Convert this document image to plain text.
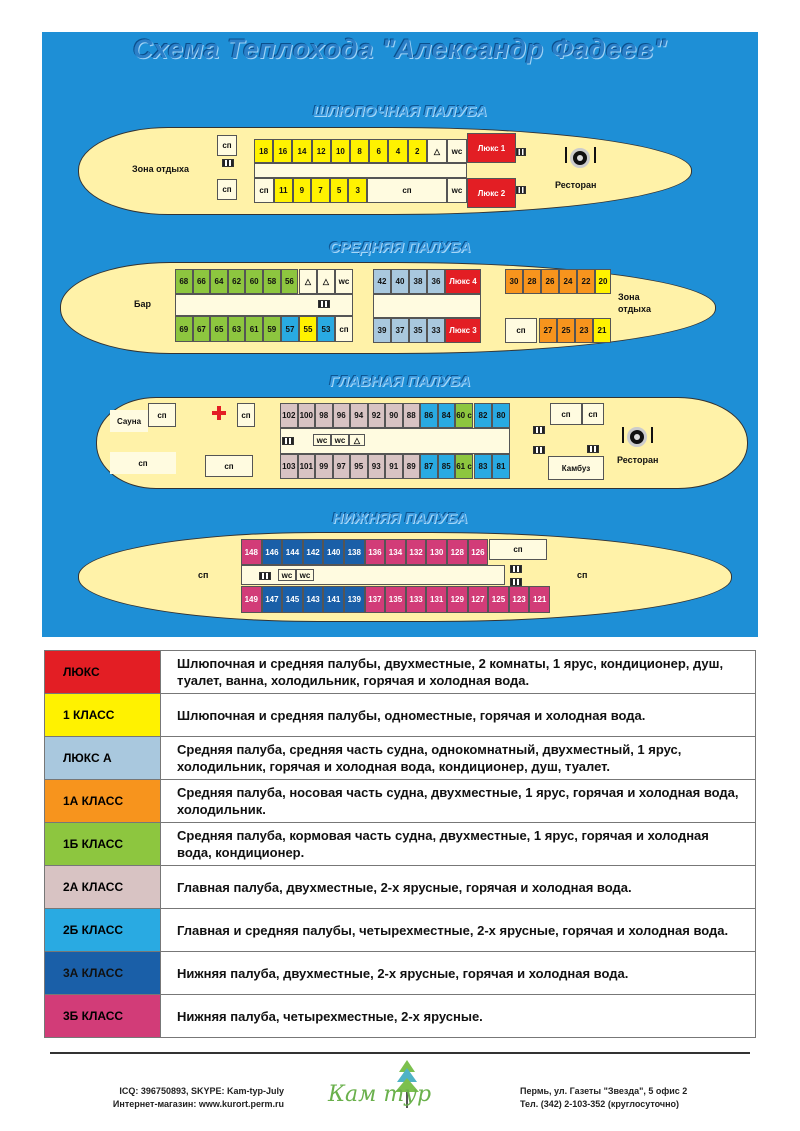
Схема Теплохода "Александр Фадеев"
ШЛЮПОЧНАЯ ПАЛУБА
Зона отдыха
сп
сп
18	16	14	12	10	8	6	4	2	△	wc	Люкс 1
сп	11	9	7	5	3	сп	wc	Люкс 2
Ресторан
СРЕДНЯЯ ПАЛУБА
Бар
68	66	64	62	60	58	56	△	△	wc
69	67	65	63	61	59	57	55	53	сп
42	40	38	36	Люкс 4
39	37	35	33	Люкс 3
30	28	26	24	22	20
сп	27	25	23	21
Зона отдыха
ГЛАВНАЯ ПАЛУБА
Сауна
сп
сп
сп
сп
102 100 98	96	94	92	90	88	86	84 60 с 82	80
wc wc	△
61 с
103 101 99	97	95	93	91	89	87	85	83	81
сп	сп
Камбуз
Ресторан
НИЖНЯЯ ПАЛУБА
сп
148 146 144 142 140 138 136 134 132 130 128 126	сп
wc wc
149 147 145 143 141 139 137 135 133 131 129 127 125 123 121
сп
ЛЮКС	Шлюпочная и средняя палубы, двухместные, 2 комнаты, 1 ярус, кондиционер, душ, туалет, ванна, холодильник, горячая и холодная вода.
1 КЛАСС	Шлюпочная и средняя палубы, одноместные, горячая и холодная вода.
ЛЮКС А	Средняя палуба, средняя часть судна, однокомнатный, двухместный, 1 ярус, холодильник, горячая и холодная вода, кондиционер, душ, туалет.
1А КЛАСС	Средняя палуба, носовая часть судна, двухместные, 1 ярус, горячая и холодная вода, холодильник.
1Б КЛАСС	Средняя палуба, кормовая часть судна, двухместные, 1 ярус, горячая и холодная вода, кондиционер.
2А КЛАСС	Главная палуба, двухместные, 2-х ярусные, горячая и холодная вода.
2Б КЛАСС	Главная и средняя палубы, четырехместные, 2-х ярусные, горячая и холодная вода.
3А КЛАСС	Нижняя палуба, двухместные, 2-х ярусные, горячая и холодная вода.
3Б КЛАСС	Нижняя палуба, четырехместные, 2-х ярусные.
ICQ: 396750893, SKYPE: Kam-typ-July
Интернет-магазин: www.kurort.perm.ru Кам тур	Пермь, ул. Газеты "Звезда", 5 офис 2
Тел. (342) 2-103-352 (круглосуточно)
